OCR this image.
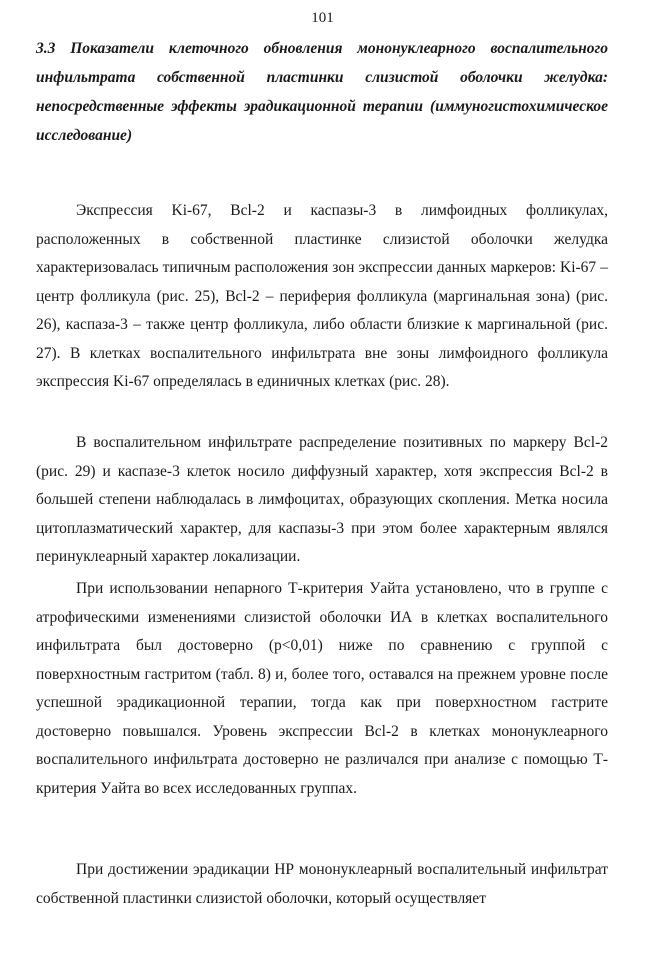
101
3.3 Показатели клеточного обновления мононуклеарного воспалительного инфильтрата собственной пластинки слизистой оболочки желудка: непосредственные эффекты эрадикационной терапии (иммуногистохимическое исследование)

Экспрессия Ki-67, Bcl-2 и каспазы-3 в лимфоидных фолликулах, расположенных в собственной пластинке слизистой оболочки желудка характеризовалась типичным расположения зон экспрессии данных маркеров: Ki-67 – центр фолликула (рис. 25), Bcl-2 – периферия фолликула (маргинальная зона) (рис. 26), каспаза-3 – также центр фолликула, либо области близкие к маргинальной (рис. 27). В клетках воспалительного инфильтрата вне зоны лимфоидного фолликула экспрессия Ki-67 определялась в единичных клетках (рис. 28).

В воспалительном инфильтрате распределение позитивных по маркеру Bcl-2 (рис. 29) и каспазе-3 клеток носило диффузный характер, хотя экспрессия Bcl-2 в большей степени наблюдалась в лимфоцитах, образующих скопления. Метка носила цитоплазматический характер, для каспазы-3 при этом более характерным являлся перинуклеарный характер локализации.

При использовании непарного Т-критерия Уайта установлено, что в группе с атрофическими изменениями слизистой оболочки ИА в клетках воспалительного инфильтрата был достоверно (p<0,01) ниже по сравнению с группой с поверхностным гастритом (табл. 8) и, более того, оставался на прежнем уровне после успешной эрадикационной терапии, тогда как при поверхностном гастрите достоверно повышался. Уровень экспрессии Bcl-2 в клетках мононуклеарного воспалительного инфильтрата достоверно не различался при анализе с помощью Т-критерия Уайта во всех исследованных группах.

При достижении эрадикации НР мононуклеарный воспалительный инфильтрат собственной пластинки слизистой оболочки, который осуществляет
